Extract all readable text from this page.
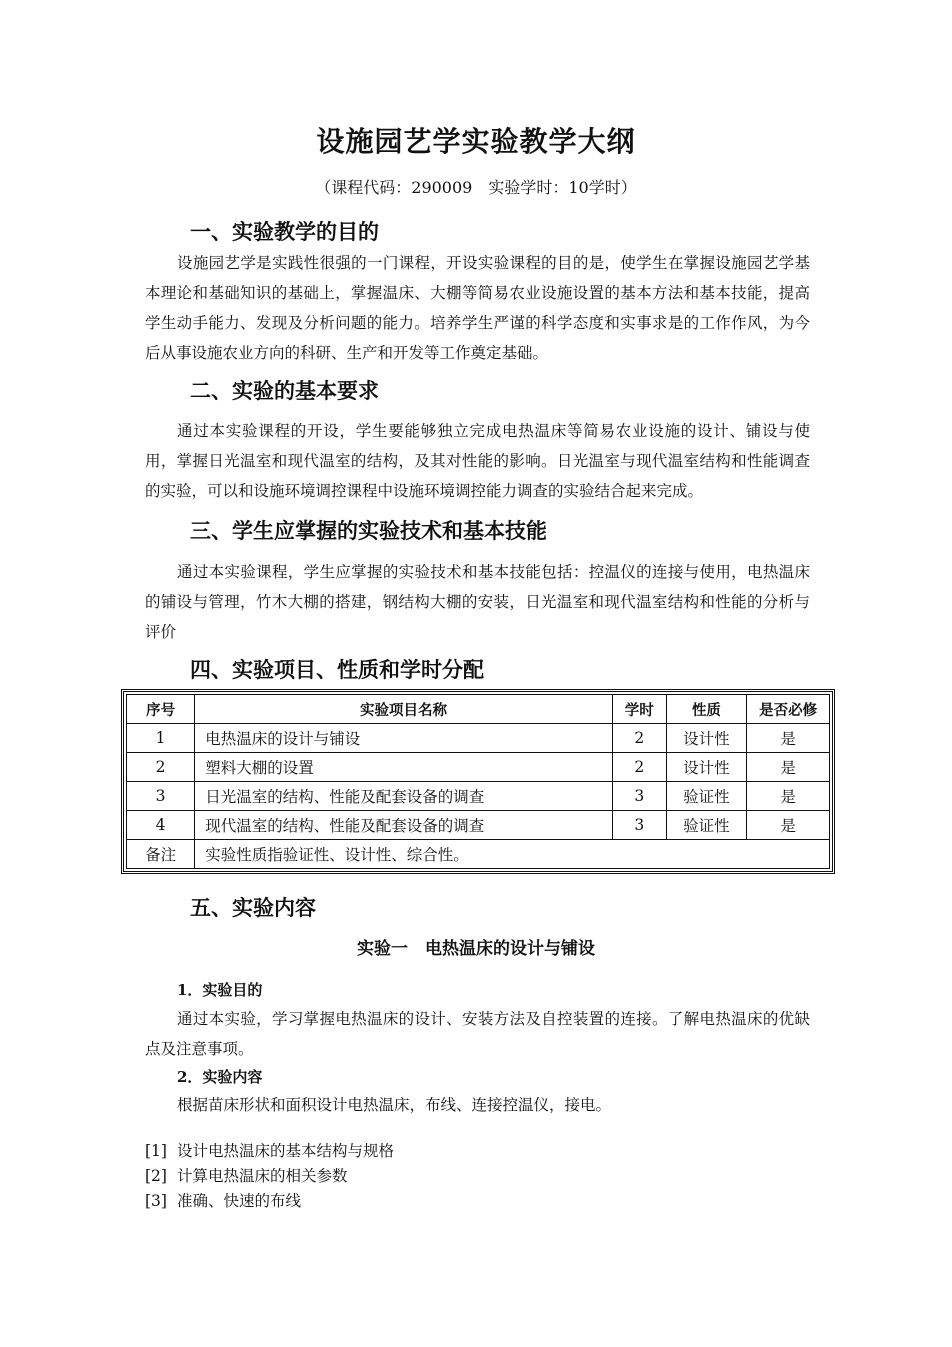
设施园艺学实验教学大纲
（课程代码：290009　实验学时：10学时）
一、实验教学的目的
设施园艺学是实践性很强的一门课程，开设实验课程的目的是，使学生在掌握设施园艺学基本理论和基础知识的基础上，掌握温床、大棚等简易农业设施设置的基本方法和基本技能，提高学生动手能力、发现及分析问题的能力。培养学生严谨的科学态度和实事求是的工作作风，为今后从事设施农业方向的科研、生产和开发等工作奠定基础。
二、实验的基本要求
通过本实验课程的开设，学生要能够独立完成电热温床等简易农业设施的设计、铺设与使用，掌握日光温室和现代温室的结构，及其对性能的影响。日光温室与现代温室结构和性能调查的实验，可以和设施环境调控课程中设施环境调控能力调查的实验结合起来完成。
三、学生应掌握的实验技术和基本技能
通过本实验课程，学生应掌握的实验技术和基本技能包括：控温仪的连接与使用，电热温床的铺设与管理，竹木大棚的搭建，钢结构大棚的安装，日光温室和现代温室结构和性能的分析与评价
四、实验项目、性质和学时分配
序号	实验项目名称	学时	性质	是否必修
1	电热温床的设计与铺设	2	设计性	是
2	塑料大棚的设置	2	设计性	是
3	日光温室的结构、性能及配套设备的调查	3	验证性	是
4	现代温室的结构、性能及配套设备的调查	3	验证性	是
备注	实验性质指验证性、设计性、综合性。			
五、实验内容
实验一　电热温床的设计与铺设
1．实验目的
通过本实验，学习掌握电热温床的设计、安装方法及自控装置的连接。了解电热温床的优缺点及注意事项。
2．实验内容
根据苗床形状和面积设计电热温床，布线、连接控温仪，接电。
[1] 设计电热温床的基本结构与规格
[2] 计算电热温床的相关参数
[3] 准确、快速的布线
